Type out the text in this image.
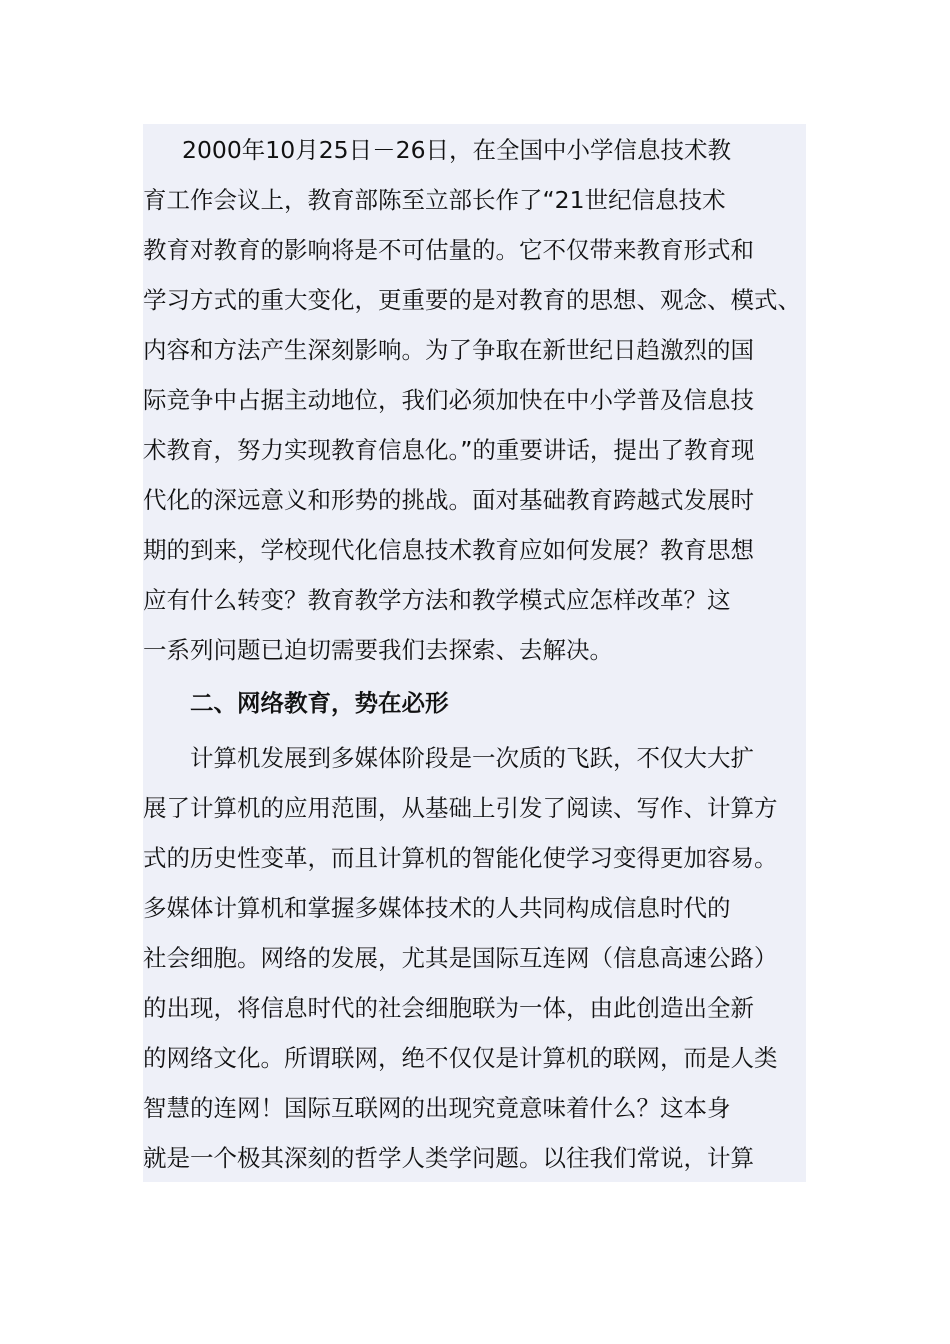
2000年10月25日－26日，在全国中小学信息技术教
育工作会议上，教育部陈至立部长作了“21世纪信息技术
教育对教育的影响将是不可估量的。它不仅带来教育形式和
学习方式的重大变化，更重要的是对教育的思想、观念、模式、
内容和方法产生深刻影响。为了争取在新世纪日趋激烈的国
际竞争中占据主动地位，我们必须加快在中小学普及信息技
术教育，努力实现教育信息化。”的重要讲话，提出了教育现
代化的深远意义和形势的挑战。面对基础教育跨越式发展时
期的到来，学校现代化信息技术教育应如何发展？教育思想
应有什么转变？教育教学方法和教学模式应怎样改革？这
一系列问题已迫切需要我们去探索、去解决。
二、网络教育，势在必形
计算机发展到多媒体阶段是一次质的飞跃，不仅大大扩
展了计算机的应用范围，从基础上引发了阅读、写作、计算方
式的历史性变革，而且计算机的智能化使学习变得更加容易。
多媒体计算机和掌握多媒体技术的人共同构成信息时代的
社会细胞。网络的发展，尤其是国际互连网（信息高速公路）
的出现，将信息时代的社会细胞联为一体，由此创造出全新
的网络文化。所谓联网，绝不仅仅是计算机的联网，而是人类
智慧的连网！国际互联网的出现究竟意味着什么？这本身
就是一个极其深刻的哲学人类学问题。以往我们常说，计算
